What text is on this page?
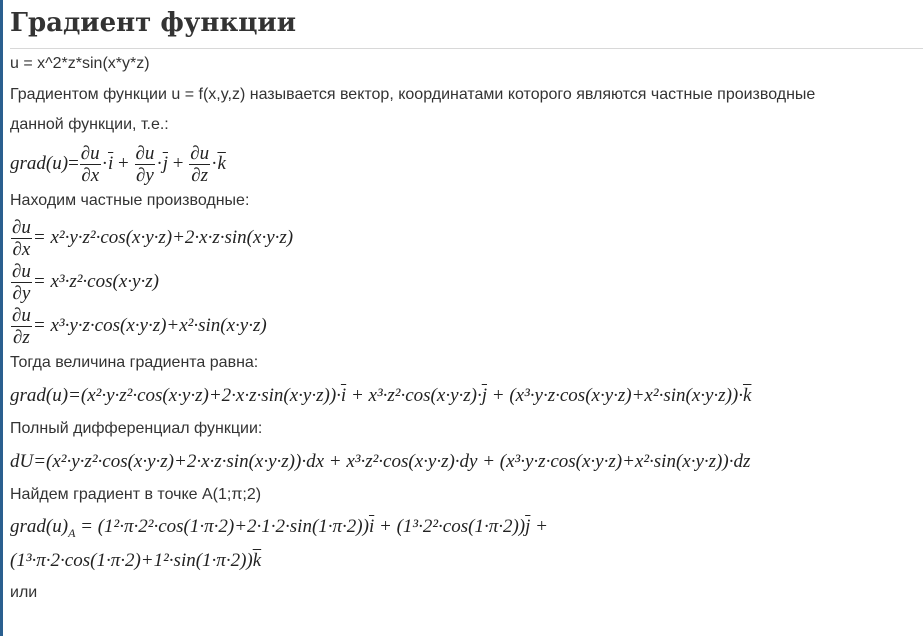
Градиент функции

u = x^2*z*sin(x*y*z)

Градиентом функции u = f(x,y,z) называется вектор, координатами которого являются частные производные

данной функции, т.е.:

grad(u) = $\frac{\partial u}{\partial x} \cdot \overline{i} + \frac{\partial u}{\partial y} \cdot \overline{j} + \frac{\partial u}{\partial z} \cdot \overline{k}$

Находим частные производные:

$\frac{\partial u}{\partial x} = x^2\cdot y\cdot z^2\cdot\cos(x\cdot y\cdot z)+2\cdot x\cdot z\cdot\sin(x\cdot y\cdot z)$
$\frac{\partial u}{\partial y} = x^3\cdot z^2\cdot\cos(x\cdot y\cdot z)$
$\frac{\partial u}{\partial z} = x^3\cdot y\cdot z\cdot\cos(x\cdot y\cdot z)+x^2\cdot\sin(x\cdot y\cdot z)$

Тогда величина градиента равна:

$grad(u)=(x^2\cdot y\cdot z^2\cdot\cos(x\cdot y\cdot z)+2\cdot x\cdot z\cdot\sin(x\cdot y\cdot z))\cdot\overline{i} + x^3\cdot z^2\cdot\cos(x\cdot y\cdot z)\cdot\overline{j} + (x^3\cdot y\cdot z\cdot\cos(x\cdot y\cdot z)+x^2\cdot\sin(x\cdot y\cdot z))\cdot\overline{k}$

Полный дифференциал функции:

dU=(x²·y·z²·cos(x·y·z)+2·x·z·sin(x·y·z))·dx + x³·z²·cos(x·y·z)·dy + (x³·y·z·cos(x·y·z)+x²·sin(x·y·z))·dz

Найдем градиент в точке A(1;π;2)

$grad(u)_A = (1^2\cdot\pi\cdot 2^2\cdot\cos(1\cdot\pi\cdot 2)+2\cdot 1\cdot 2\cdot\sin(1\cdot\pi\cdot 2))\overline{i} + (1^3\cdot 2^2\cdot\cos(1\cdot\pi\cdot 2))\overline{j}$ +
$(1^3\cdot\pi\cdot 2\cdot\cos(1\cdot\pi\cdot 2)+1^2\cdot\sin(1\cdot\pi\cdot 2))\overline{k}$

или
